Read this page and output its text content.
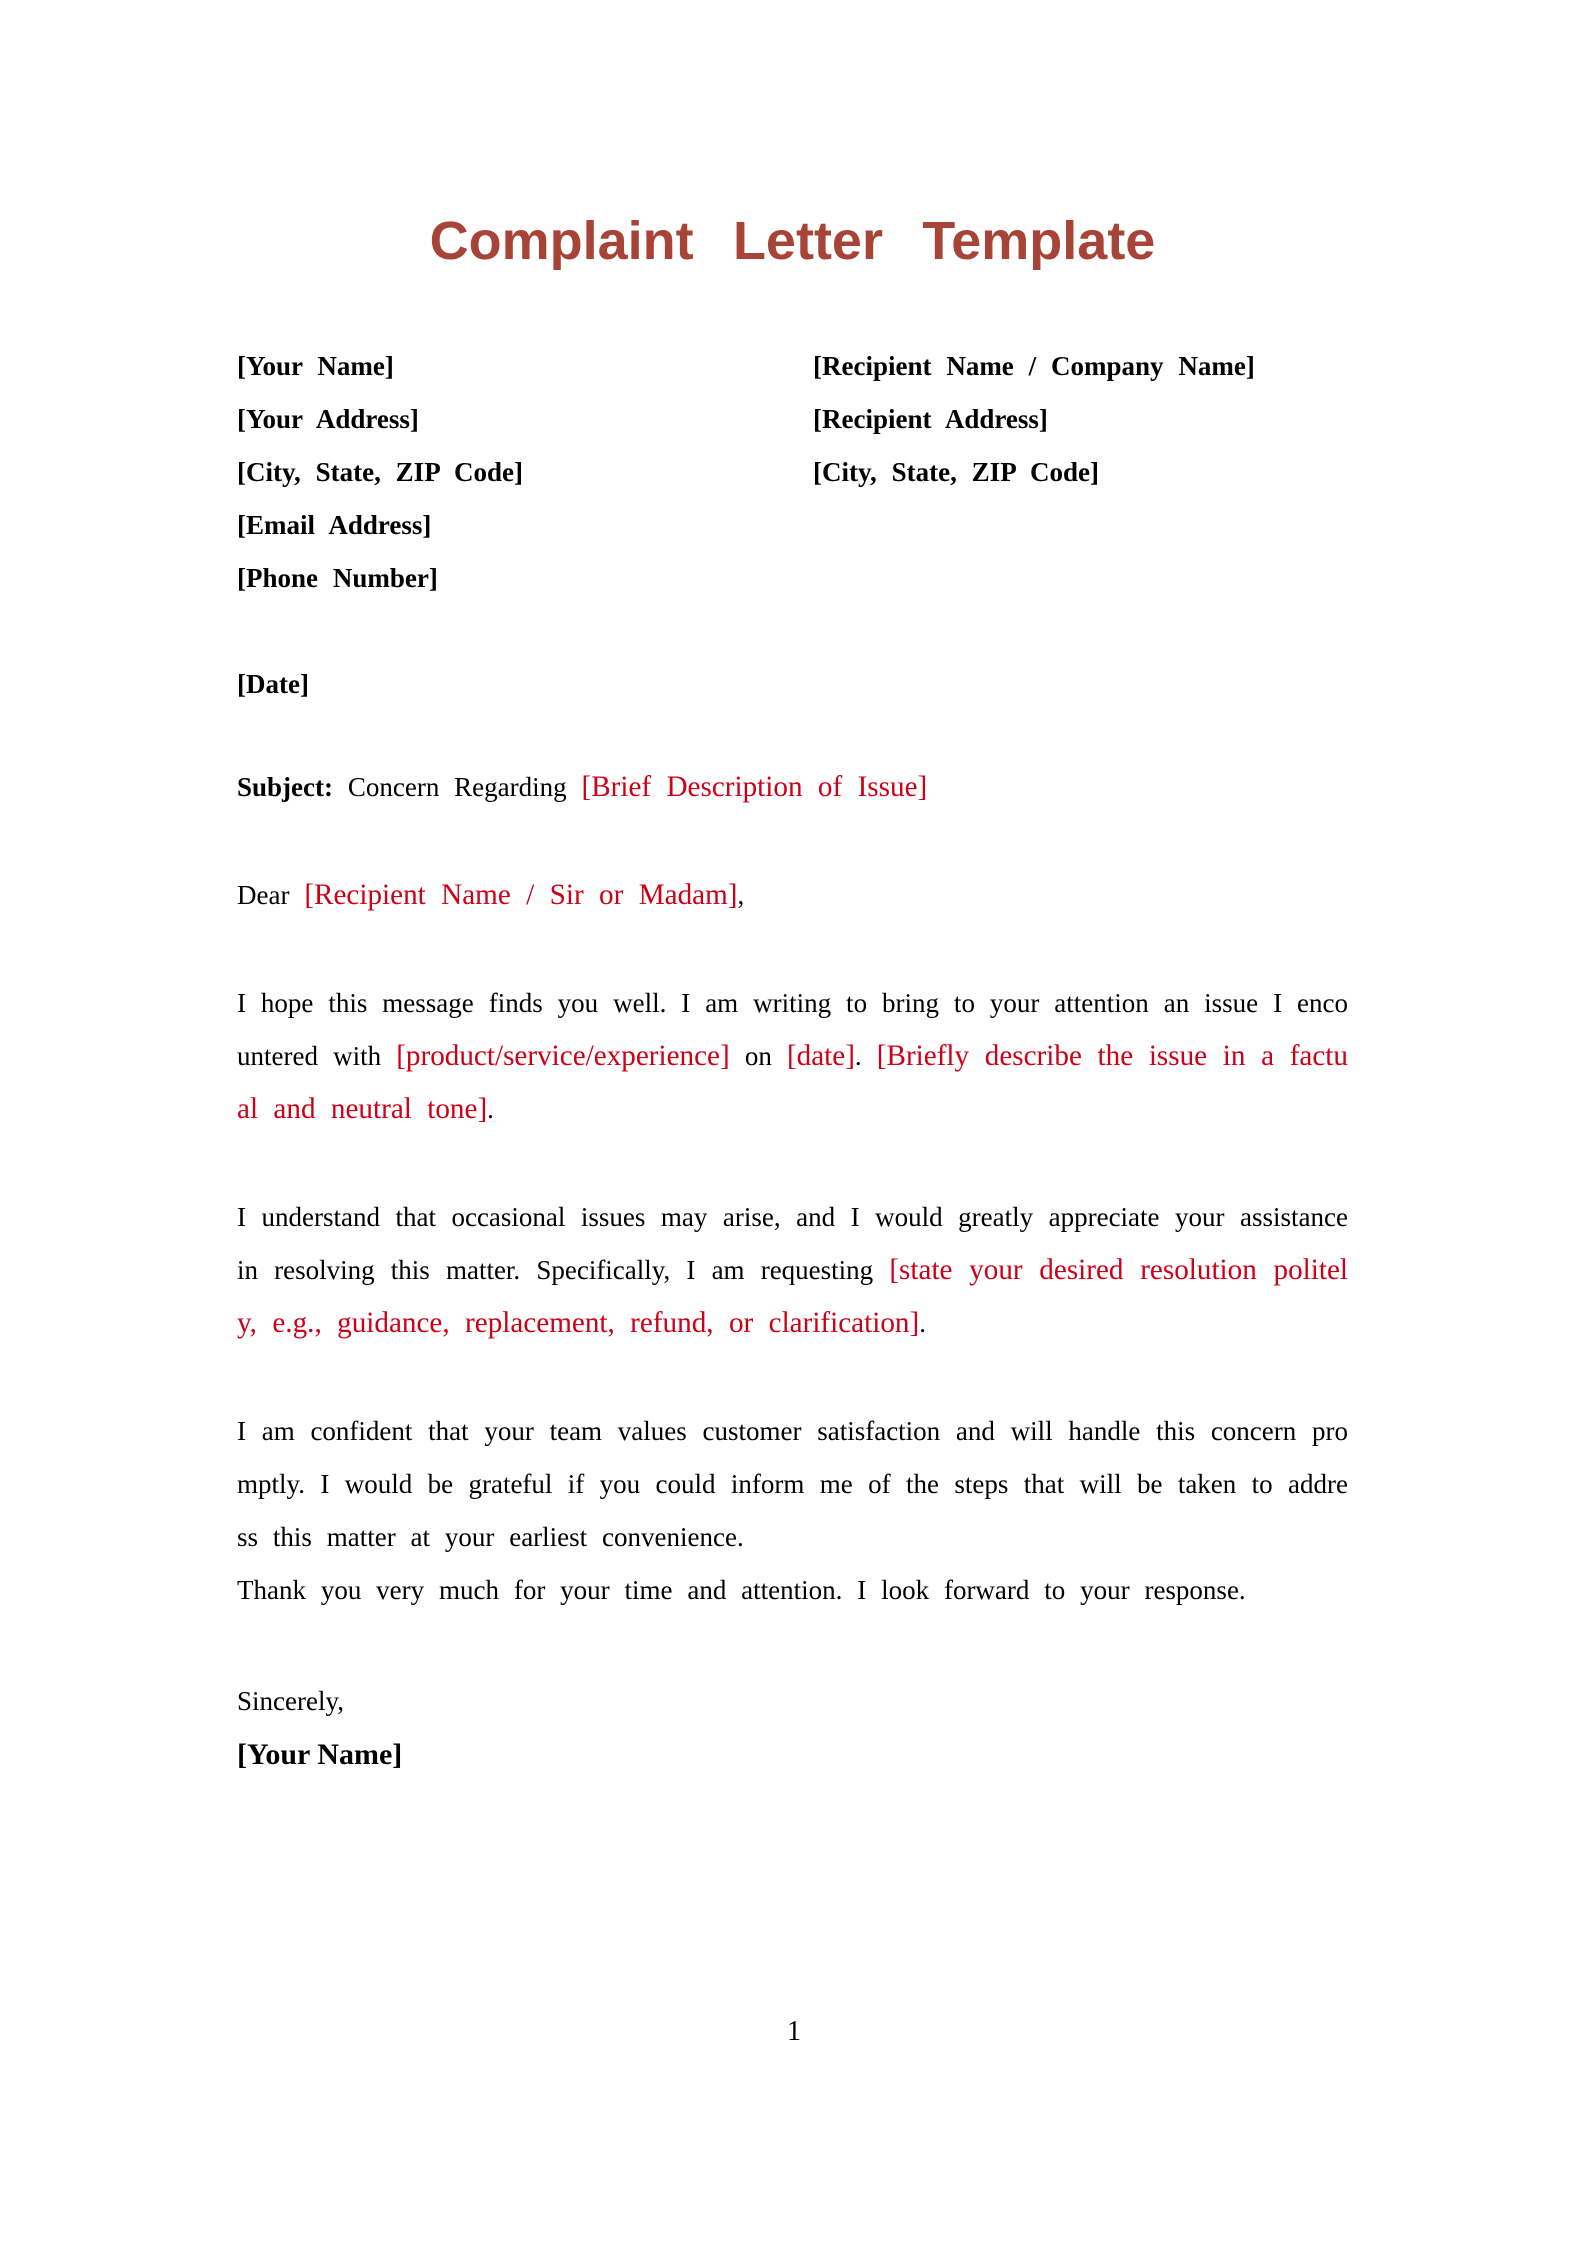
Complaint Letter Template
[Your Name]
[Your Address]
[City, State, ZIP Code]
[Email Address]
[Phone Number]
[Recipient Name / Company Name]
[Recipient Address]
[City, State, ZIP Code]
[Date]
Subject: Concern Regarding [Brief Description of Issue]
Dear [Recipient Name / Sir or Madam],

I hope this message finds you well. I am writing to bring to your attention an issue I encountered with [product/service/experience] on [date]. [Briefly describe the issue in a factual and neutral tone].

I understand that occasional issues may arise, and I would greatly appreciate your assistance in resolving this matter. Specifically, I am requesting [state your desired resolution politely, e.g., guidance, replacement, refund, or clarification].

I am confident that your team values customer satisfaction and will handle this concern promptly. I would be grateful if you could inform me of the steps that will be taken to address this matter at your earliest convenience.
Thank you very much for your time and attention. I look forward to your response.

Sincerely,
[Your Name]
1
